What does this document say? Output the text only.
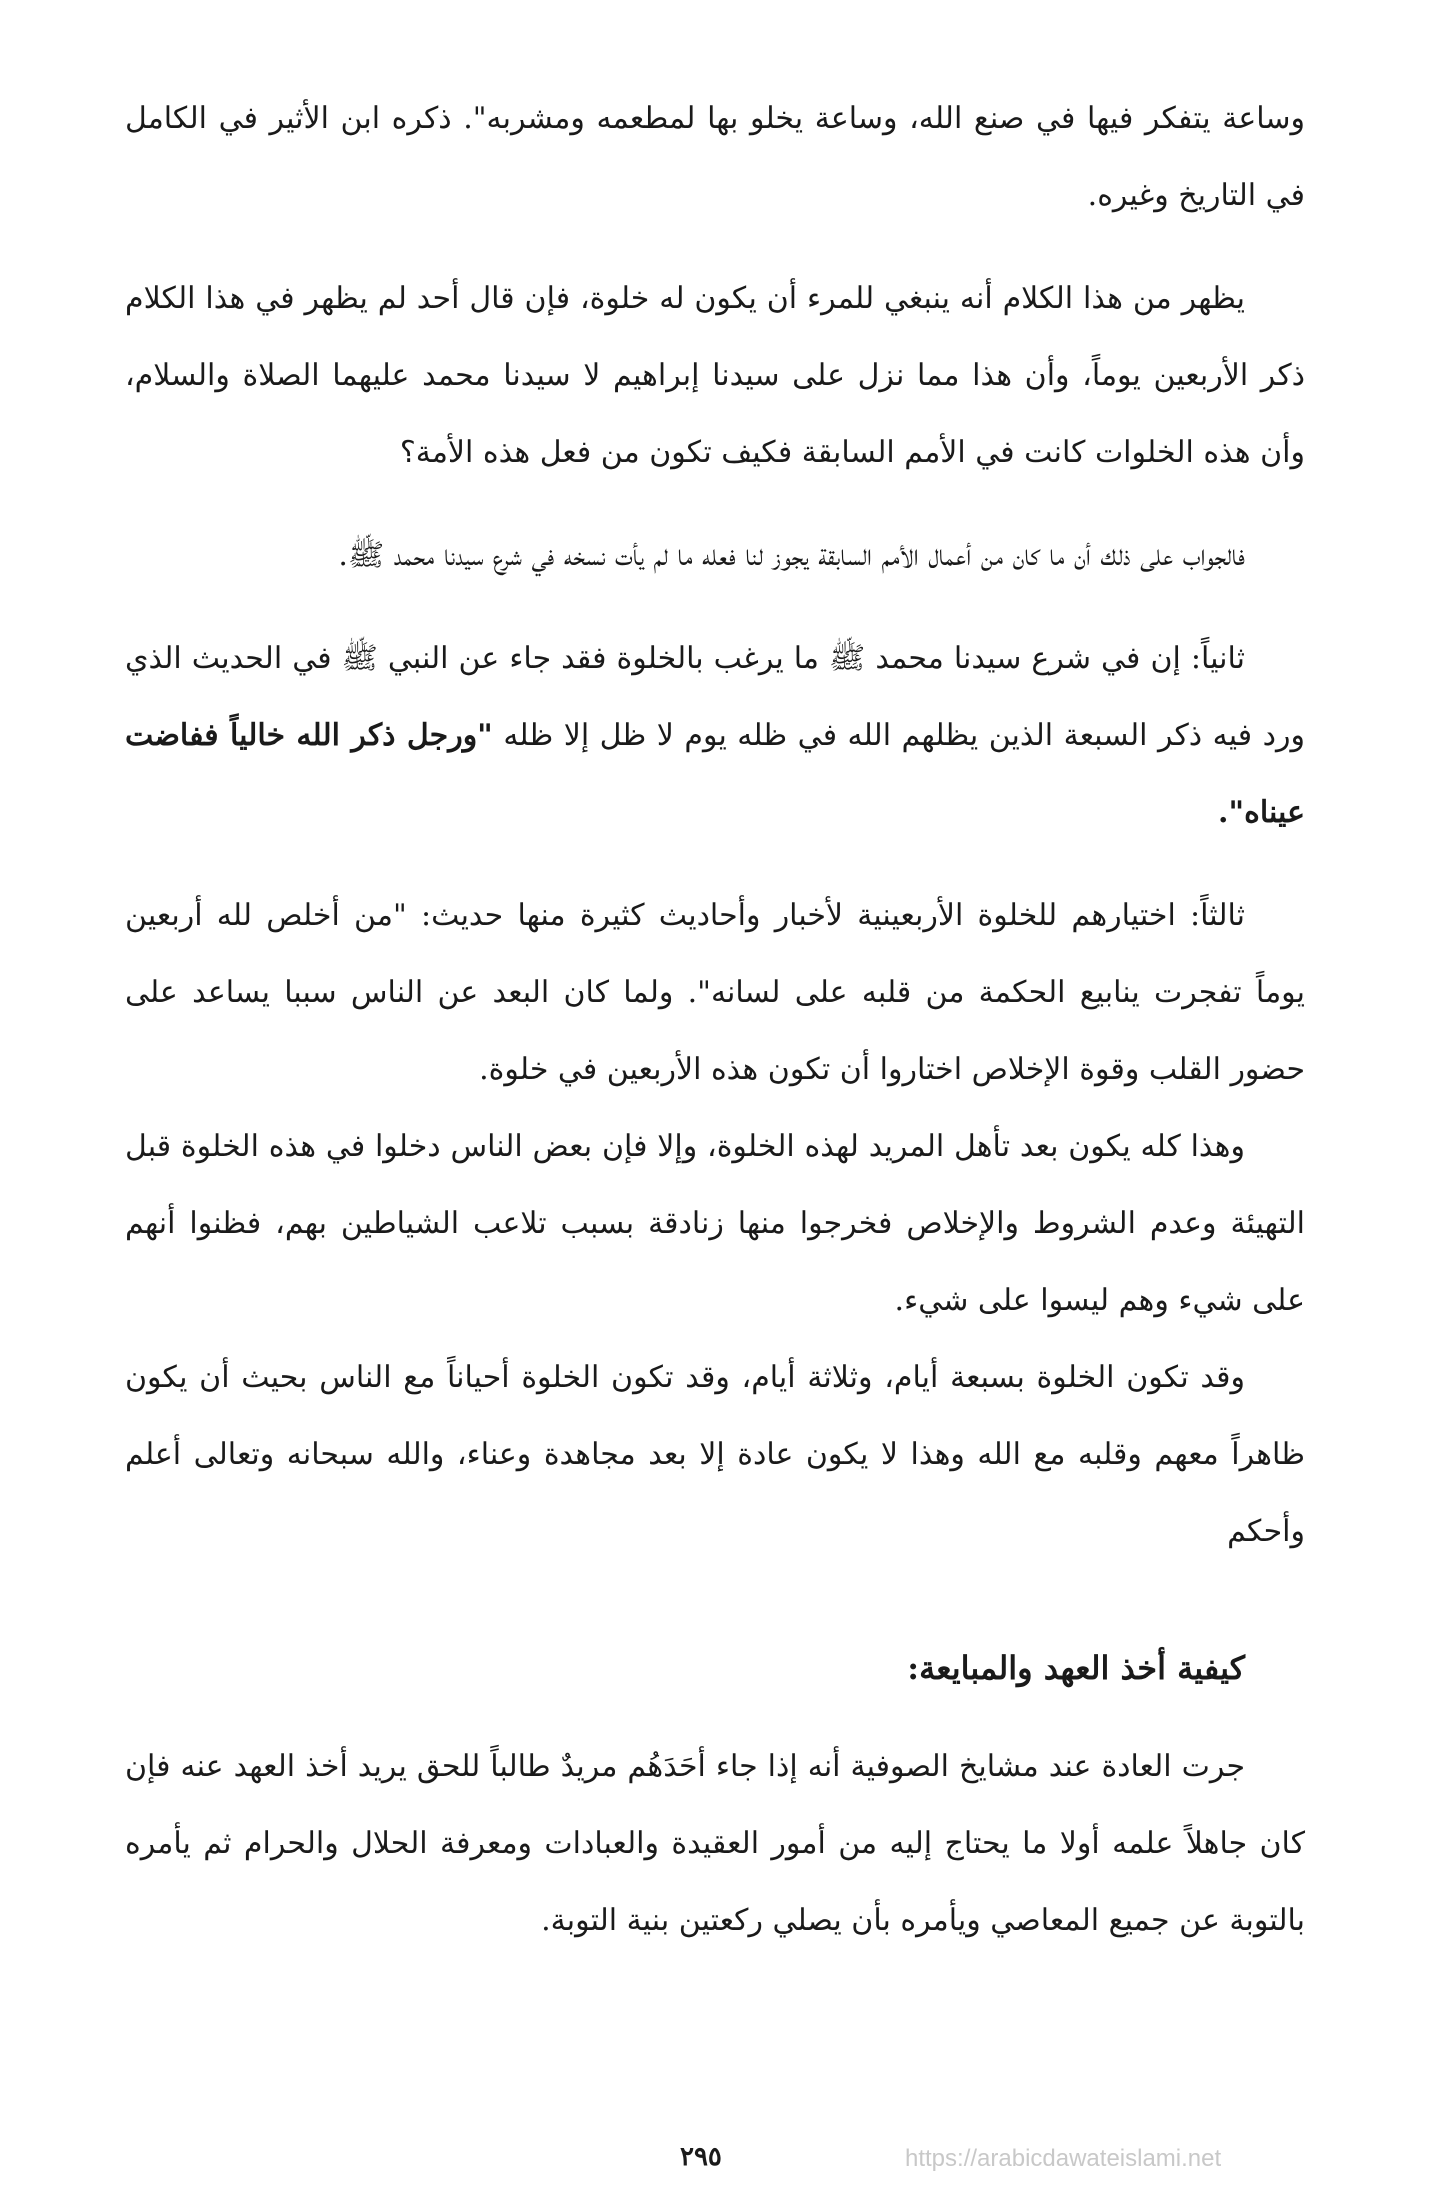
وساعة يتفكر فيها في صنع الله، وساعة يخلو بها لمطعمه ومشربه". ذكره ابن الأثير في الكامل في التاريخ وغيره.

يظهر من هذا الكلام أنه ينبغي للمرء أن يكون له خلوة، فإن قال أحد لم يظهر في هذا الكلام ذكر الأربعين يوماً، وأن هذا مما نزل على سيدنا إبراهيم لا سيدنا محمد عليهما الصلاة والسلام، وأن هذه الخلوات كانت في الأمم السابقة فكيف تكون من فعل هذه الأمة؟

فالجواب على ذلك أن ما كان من أعمال الأمم السابقة يجوز لنا فعله ما لم يأت نسخه في شرع سيدنا محمد ﷺ.

ثانياً: إن في شرع سيدنا محمد ﷺ ما يرغب بالخلوة فقد جاء عن النبي ﷺ في الحديث الذي ورد فيه ذكر السبعة الذين يظلهم الله في ظله يوم لا ظل إلا ظله "ورجل ذكر الله خالياً ففاضت عيناه".

ثالثاً: اختيارهم للخلوة الأربعينية لأخبار وأحاديث كثيرة منها حديث: "من أخلص لله أربعين يوماً تفجرت ينابيع الحكمة من قلبه على لسانه". ولما كان البعد عن الناس سببا يساعد على حضور القلب وقوة الإخلاص اختاروا أن تكون هذه الأربعين في خلوة.

وهذا كله يكون بعد تأهل المريد لهذه الخلوة، وإلا فإن بعض الناس دخلوا في هذه الخلوة قبل التهيئة وعدم الشروط والإخلاص فخرجوا منها زنادقة بسبب تلاعب الشياطين بهم، فظنوا أنهم على شيء وهم ليسوا على شيء.

وقد تكون الخلوة بسبعة أيام، وثلاثة أيام، وقد تكون الخلوة أحياناً مع الناس بحيث أن يكون ظاهراً معهم وقلبه مع الله وهذا لا يكون عادة إلا بعد مجاهدة وعناء، والله سبحانه وتعالى أعلم وأحكم

كيفية أخذ العهد والمبايعة:

جرت العادة عند مشايخ الصوفية أنه إذا جاء أحَدَهُم مريدٌ طالباً للحق يريد أخذ العهد عنه فإن كان جاهلاً علمه أولا ما يحتاج إليه من أمور العقيدة والعبادات ومعرفة الحلال والحرام ثم يأمره بالتوبة عن جميع المعاصي ويأمره بأن يصلي ركعتين بنية التوبة.

٢٩٥	https://arabicdawateislami.net
